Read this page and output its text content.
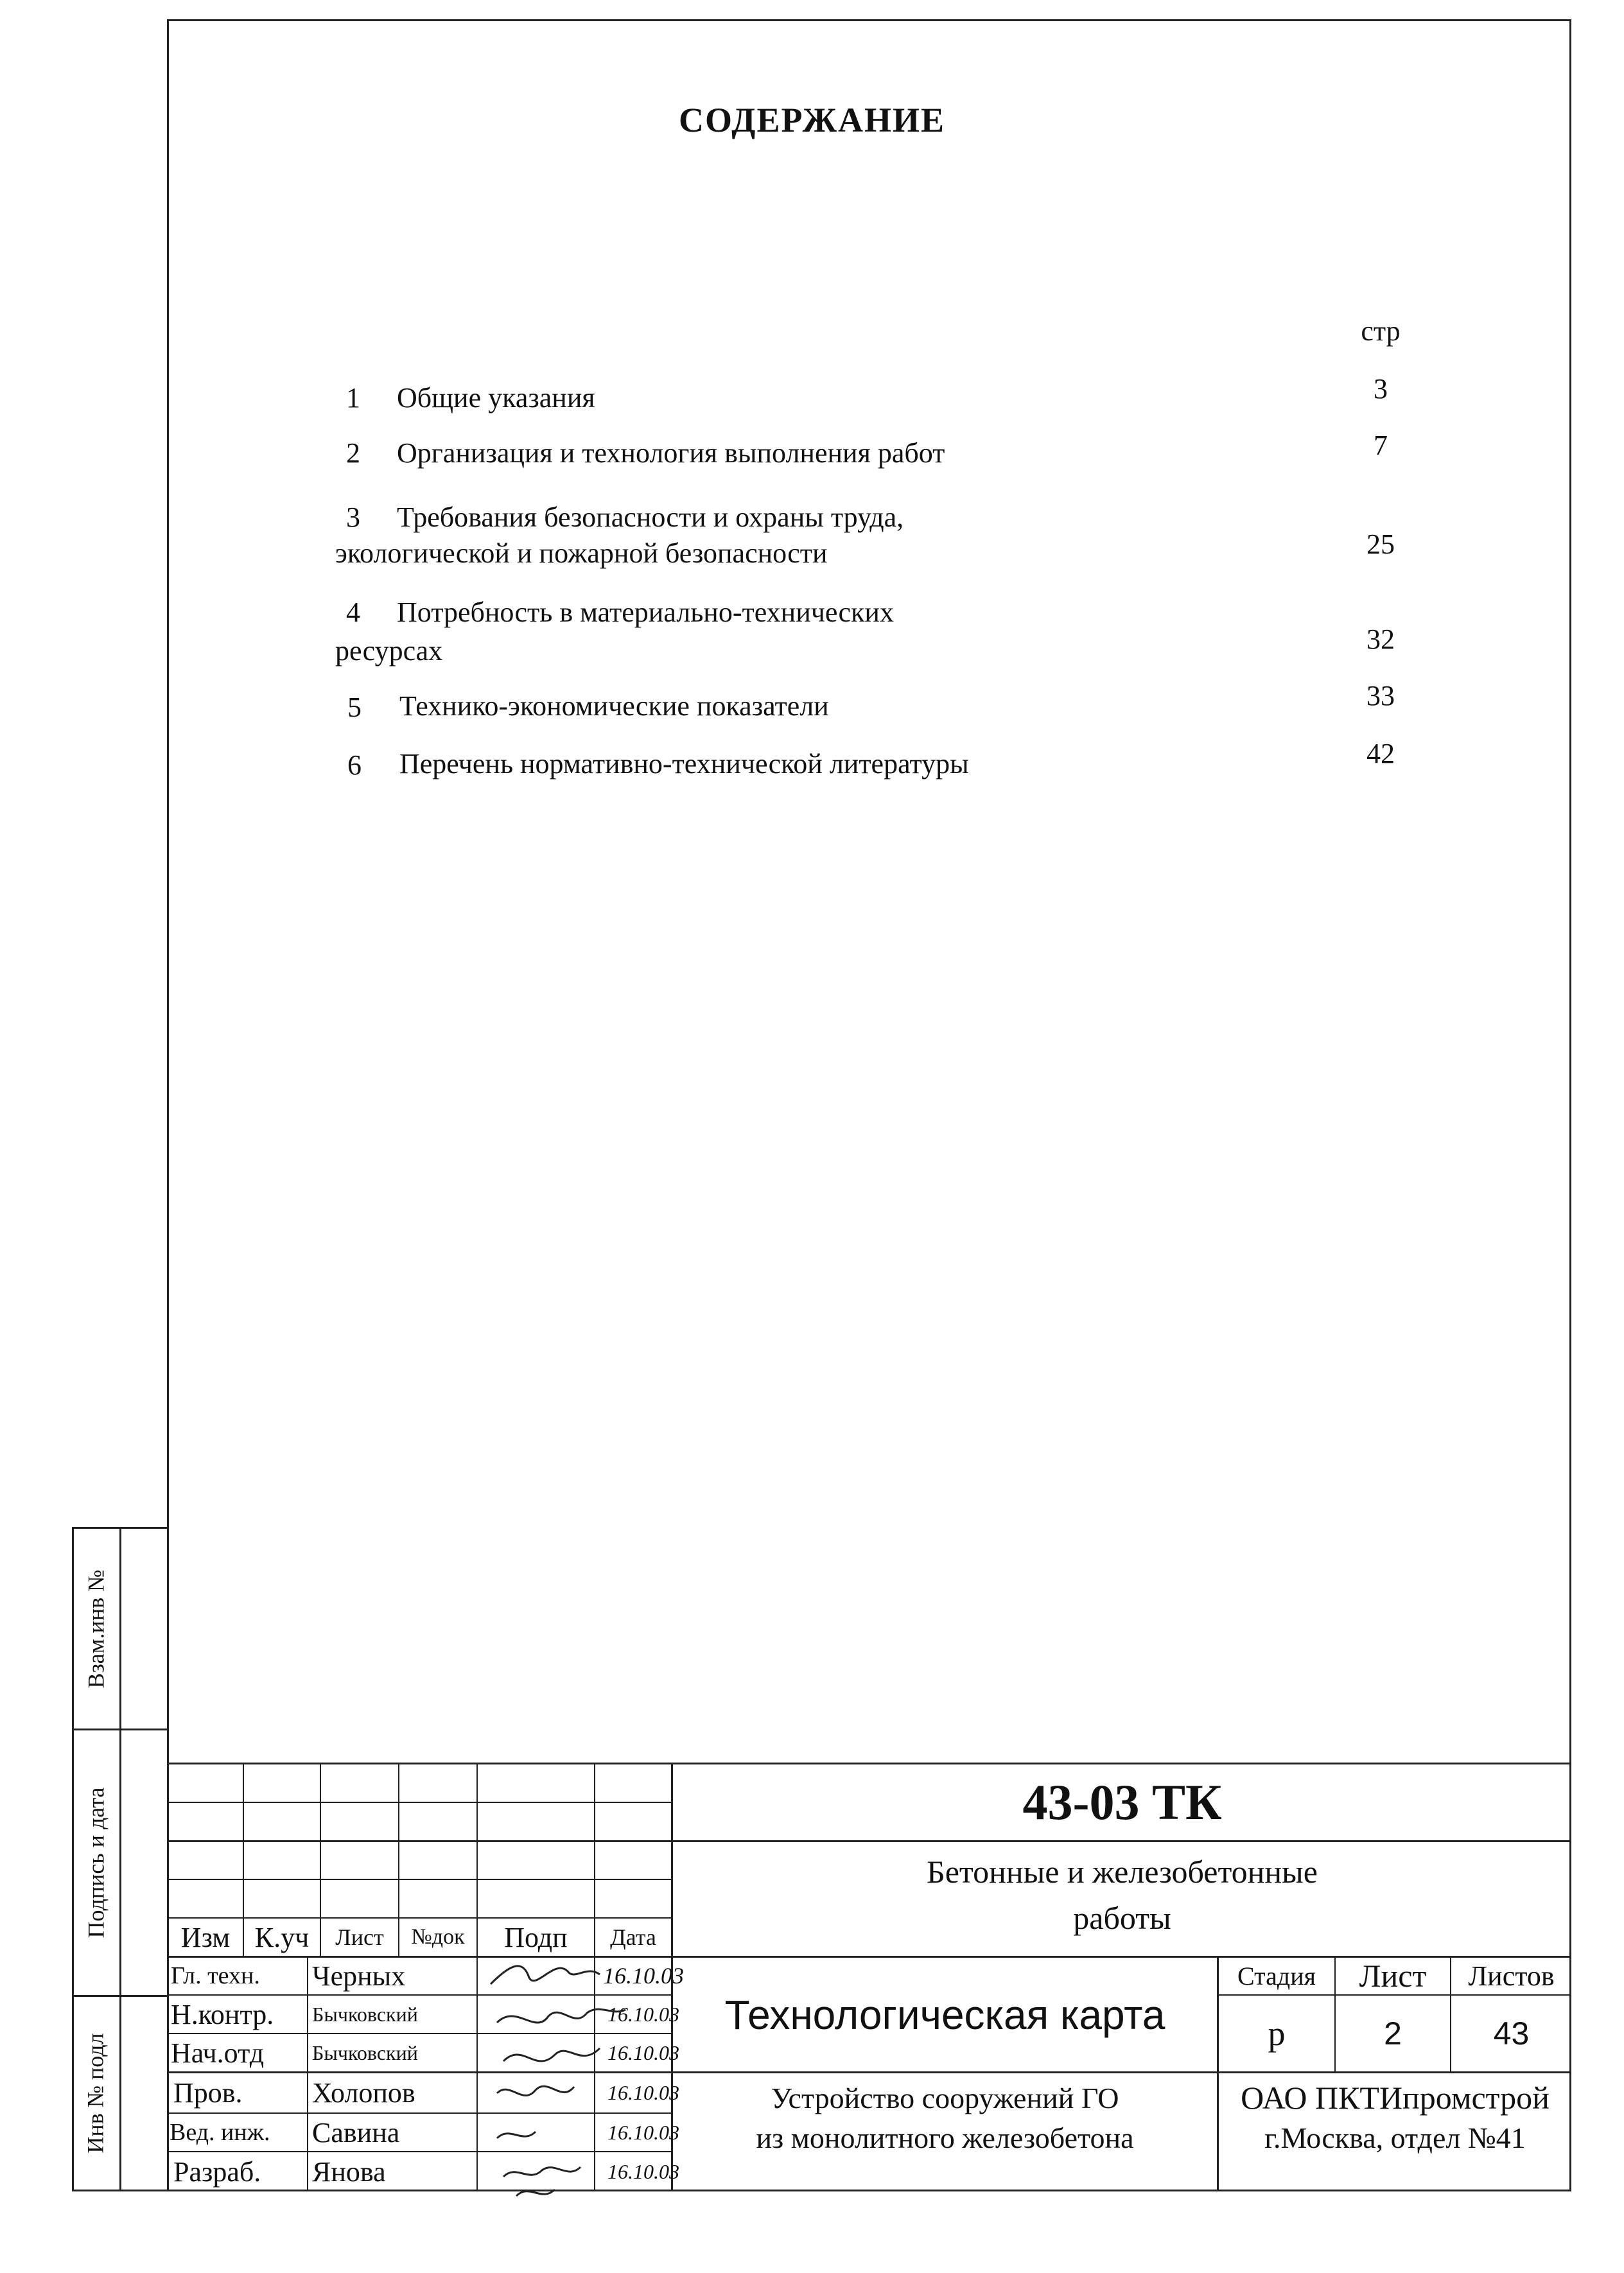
СОДЕРЖАНИЕ
стр
1	Общие указания	3
2	Организация и технология выполнения работ	7
3	Требования безопасности и охраны труда,
экологической и пожарной безопасности	25
4	Потребность в материально-технических
ресурсах	32
5	Технико-экономические показатели	33
6	Перечень нормативно-технической литературы	42
Взам.инв №
Подпись и дата
Инв № подл
Изм К.уч	Лист	№док	Подп	Дата
Гл. техн.	Черных	16.10.03
Н.контр.	Бычковский	16.10.03
Нач.отд	Бычковский	16.10.03
Пров.	Холопов	16.10.03
Вед. инж.	Савина	16.10.03
Разраб.	Янова	16.10.03
43-03 ТК
Бетонные и железобетонные
работы
Технологическая карта
Устройство сооружений ГО
из монолитного железобетона
Стадия	Лист	Листов
р	2	43
ОАО ПКТИпромстрой
г.Москва, отдел №41
